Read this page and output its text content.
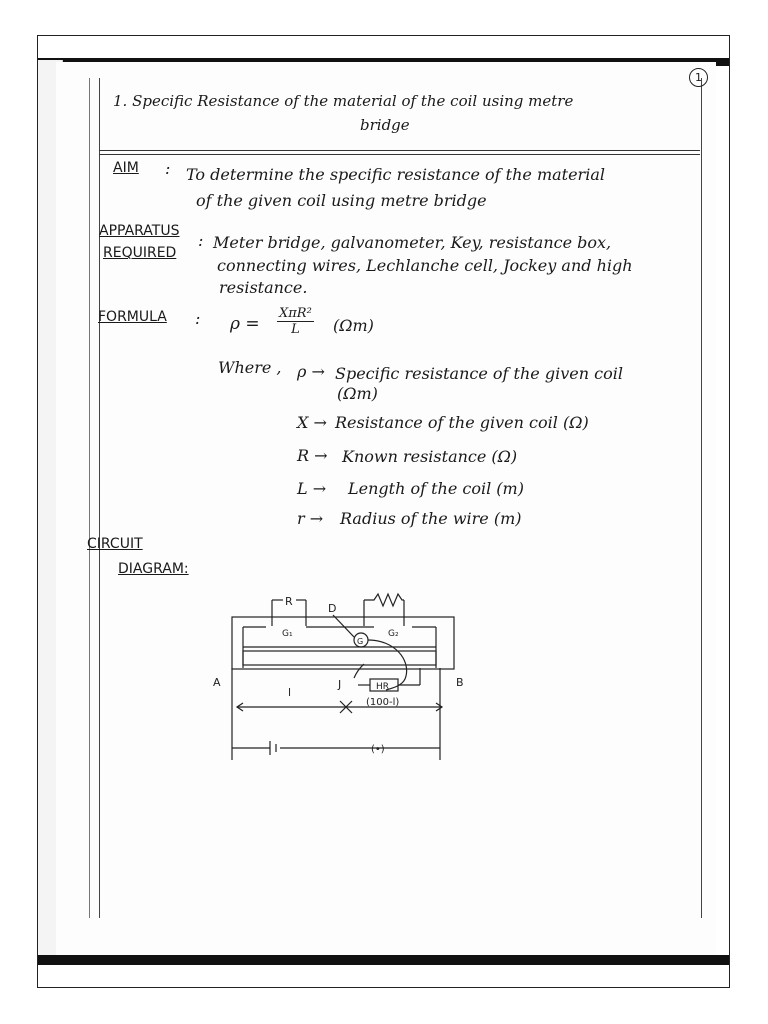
1
1. Specific Resistance of the material of the coil using metre
bridge
AIM : To determine the specific resistance of the material
of the given coil using metre bridge
APPARATUS
REQUIRED
: Meter bridge, galvanometer, Key, resistance box,
connecting wires, Lechlanche cell, Jockey and high
resistance.
FORMULA : ρ =
XπR²
L	(Ωm)
Where , ρ → Specific resistance of the given coil
(Ωm)
X → Resistance of the given coil (Ω)
R → Known resistance (Ω)
L → Length of the coil (m)
r → Radius of the wire (m)
CIRCUIT
DIAGRAM:
R
D
G
G₁	G₂
A	B
J	HR
l
(100-l)
(•)
